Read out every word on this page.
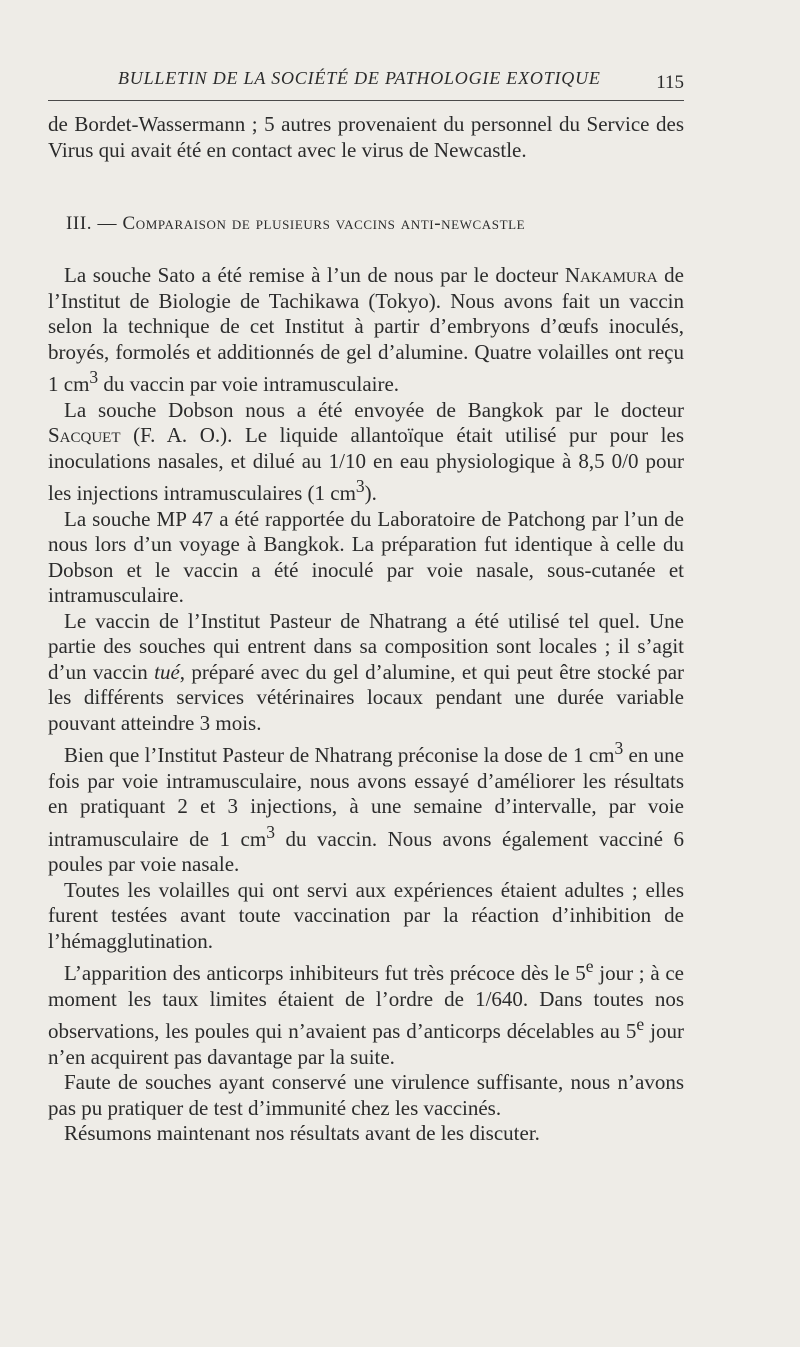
BULLETIN DE LA SOCIÉTÉ DE PATHOLOGIE EXOTIQUE	115

de Bordet-Wassermann ; 5 autres provenaient du personnel du Service des Virus qui avait été en contact avec le virus de Newcastle.

III. — Comparaison de plusieurs vaccins anti-newcastle

La souche Sato a été remise à l’un de nous par le docteur Nakamura de l’Institut de Biologie de Tachikawa (Tokyo). Nous avons fait un vaccin selon la technique de cet Institut à partir d’embryons d’œufs inoculés, broyés, formolés et additionnés de gel d’alumine. Quatre volailles ont reçu 1 $cm^3$ du vaccin par voie intramusculaire.

La souche Dobson nous a été envoyée de Bangkok par le docteur Sacquet (F. A. O.). Le liquide allantoïque était utilisé pur pour les inoculations nasales, et dilué au 1/10 en eau physiologique à 8,5 0/0 pour les injections intramusculaires (1 $cm^3$).

La souche MP 47 a été rapportée du Laboratoire de Patchong par l’un de nous lors d’un voyage à Bangkok. La préparation fut identique à celle du Dobson et le vaccin a été inoculé par voie nasale, sous-cutanée et intramusculaire.

Le vaccin de l’Institut Pasteur de Nhatrang a été utilisé tel quel. Une partie des souches qui entrent dans sa composition sont locales ; il s’agit d’un vaccin tué, préparé avec du gel d’alumine, et qui peut être stocké par les différents services vétérinaires locaux pendant une durée variable pouvant atteindre 3 mois.

Bien que l’Institut Pasteur de Nhatrang préconise la dose de 1 $cm^3$ en une fois par voie intramusculaire, nous avons essayé d’améliorer les résultats en pratiquant 2 et 3 injections, à une semaine d’intervalle, par voie intramusculaire de 1 $cm^3$ du vaccin. Nous avons également vacciné 6 poules par voie nasale.

Toutes les volailles qui ont servi aux expériences étaient adultes ; elles furent testées avant toute vaccination par la réaction d’inhibition de l’hémagglutination.

L’apparition des anticorps inhibiteurs fut très précoce dès le 5e jour ; à ce moment les taux limites étaient de l’ordre de 1/640. Dans toutes nos observations, les poules qui n’avaient pas d’anticorps décelables au 5e jour n’en acquirent pas davantage par la suite.

Faute de souches ayant conservé une virulence suffisante, nous n’avons pas pu pratiquer de test d’immunité chez les vaccinés.

Résumons maintenant nos résultats avant de les discuter.
